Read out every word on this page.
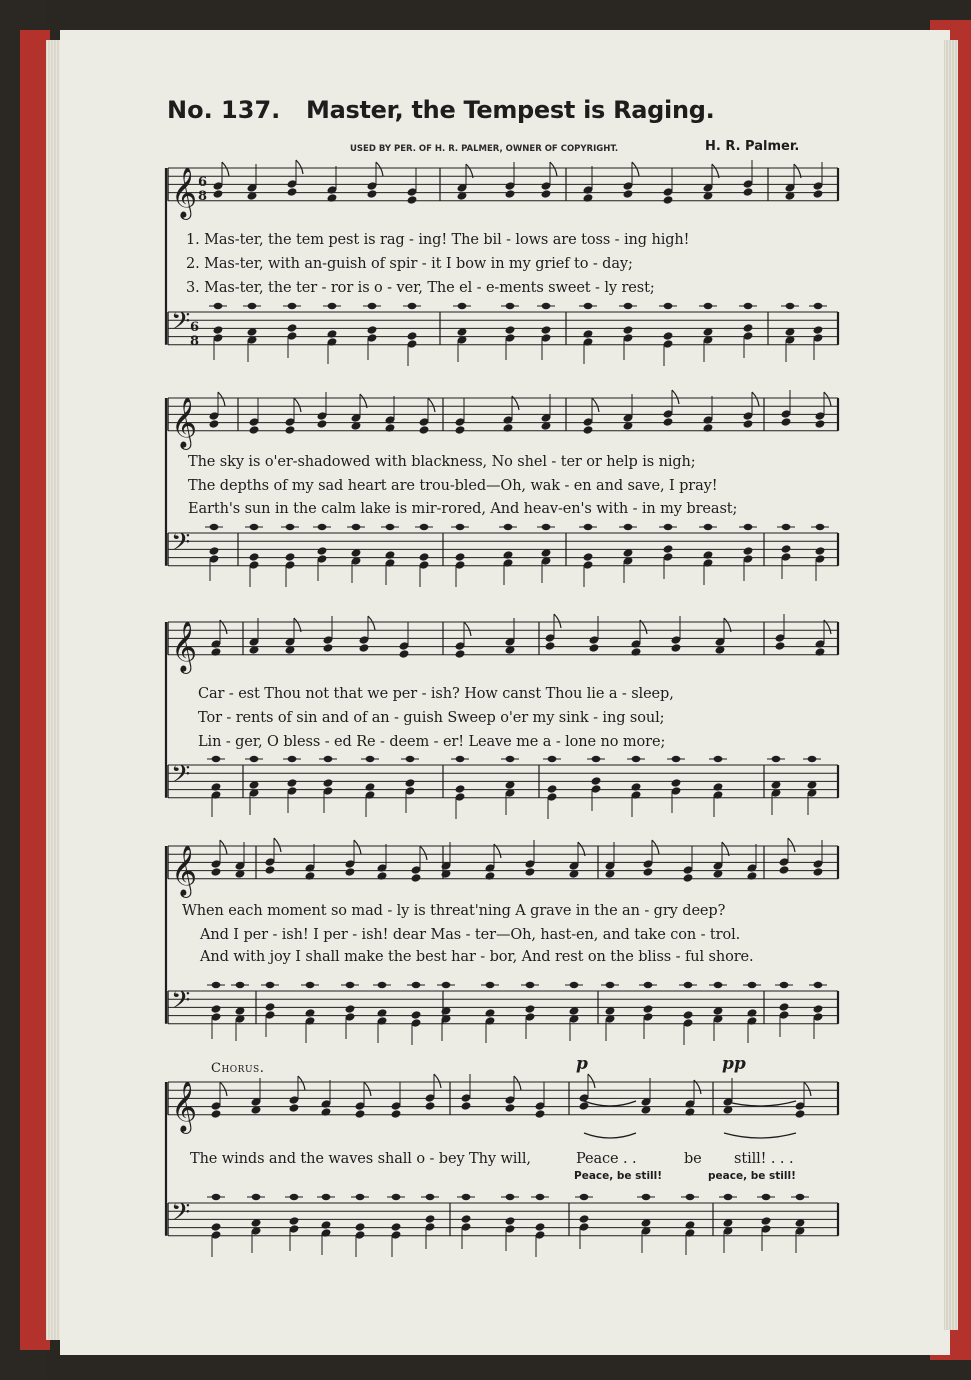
No. 137. Master, the Tempest is Raging.
USED BY PER. OF H. R. PALMER, OWNER OF COPYRIGHT.	H. R. Palmer.
𝄞
𝄢
𝄞
𝄢
𝄞
𝄢
𝄞
𝄢
𝄞
𝄢
6
8
6
8
1. Mas-ter, the tem pest is rag - ing! The bil - lows are toss - ing high!
2. Mas-ter, with an-guish of spir - it I bow in my grief to - day;
3. Mas-ter, the ter - ror is o - ver, The el - e-ments sweet - ly rest;
The sky is o'er-shadowed with blackness, No shel - ter or help is nigh;
The depths of my sad heart are trou-bled—Oh, wak - en and save, I pray!
Earth's sun in the calm lake is mir-rored, And heav-en's with - in my breast;
Car - est Thou not that we per - ish? How canst Thou lie a - sleep,
Tor - rents of sin and of an - guish Sweep o'er my sink - ing soul;
Lin - ger, O bless - ed Re - deem - er! Leave me a - lone no more;
When each moment so mad - ly is threat'ning A grave in the an - gry deep?
And I per - ish! I per - ish! dear Mas - ter—Oh, hast-en, and take con - trol.
And with joy I shall make the best har - bor, And rest on the bliss - ful shore.
Chorus.	p	pp
The winds and the waves shall o - bey Thy will,	Peace . .	be still! . . .
Peace, be still!	peace, be still!
